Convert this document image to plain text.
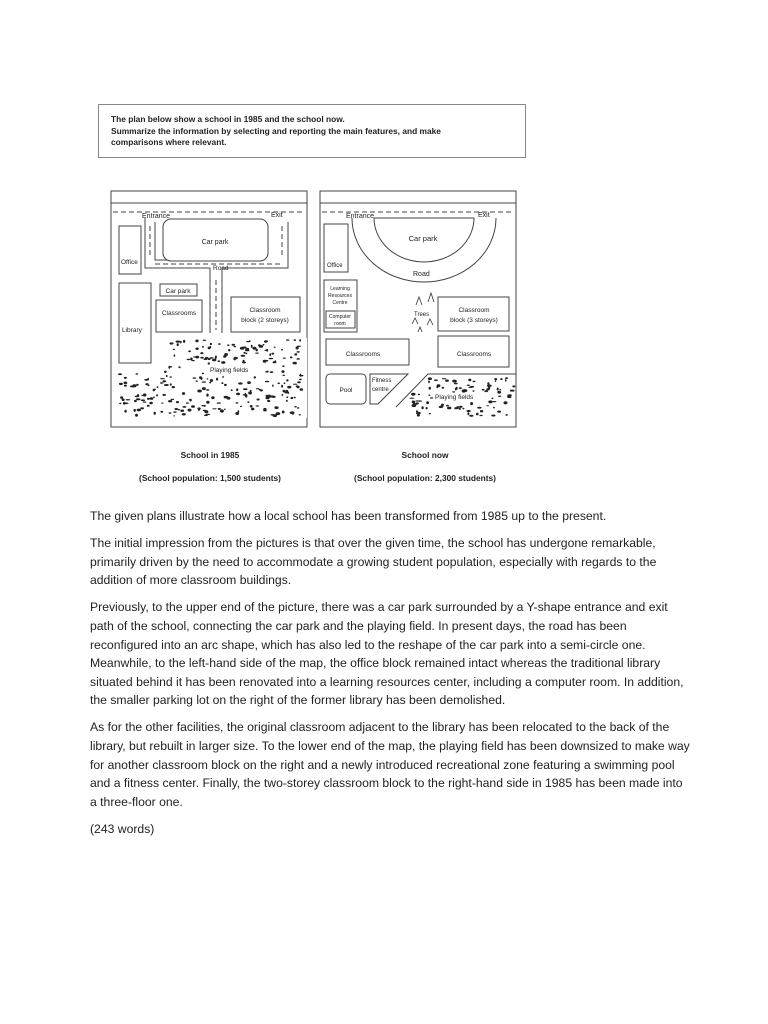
The plan below show a school in 1985 and the school now.
Summarize the information by selecting and reporting the main features, and make
comparisons where relevant.
Entrance	Exit
Car park
Office
Road
Car park
Classrooms
Library
Classroom
block (2 storeys)
Playing fields
Entrance	Exit
Car park
Road
Office
Learning
Resources
Centre
Computer
room
Trees
Classroom
block (3 storeys)
Classrooms	Classrooms
Pool
Fitness
centre
Playing fields
School in 1985
(School population: 1,500 students)
School now
(School population: 2,300 students)

The given plans illustrate how a local school has been transformed from 1985 up to the present.

The initial impression from the pictures is that over the given time, the school has undergone remarkable, primarily driven by the need to accommodate a growing student population, especially with regards to the addition of more classroom buildings.

Previously, to the upper end of the picture, there was a car park surrounded by a Y-shape entrance and exit path of the school, connecting the car park and the playing field. In present days, the road has been reconfigured into an arc shape, which has also led to the reshape of the car park into a semi-circle one. Meanwhile, to the left-hand side of the map, the office block remained intact whereas the traditional library situated behind it has been renovated into a learning resources center, including a computer room. In addition, the smaller parking lot on the right of the former library has been demolished.

As for the other facilities, the original classroom adjacent to the library has been relocated to the back of the library, but rebuilt in larger size. To the lower end of the map, the playing field has been downsized to make way for another classroom block on the right and a newly introduced recreational zone featuring a swimming pool and a fitness center. Finally, the two-storey classroom block to the right-hand side in 1985 has been made into a three-floor one.

(243 words)
